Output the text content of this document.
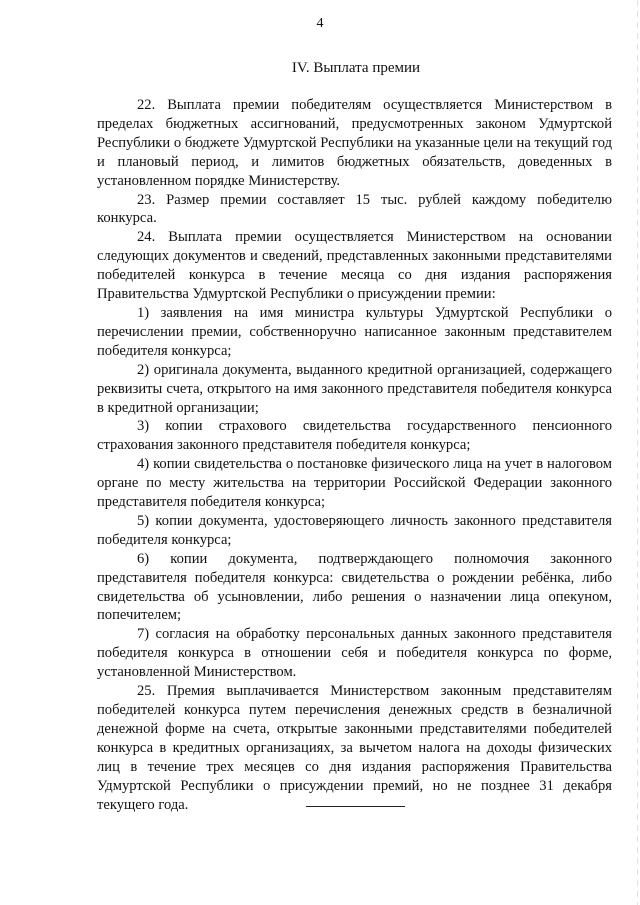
4
IV. Выплата премии

22. Выплата премии победителям осуществляется Министерством в пределах бюджетных ассигнований, предусмотренных законом Удмуртской Республики о бюджете Удмуртской Республики на указанные цели на текущий год и плановый период, и лимитов бюджетных обязательств, доведенных в установленном порядке Министерству.

23. Размер премии составляет 15 тыс. рублей каждому победителю конкурса.

24. Выплата премии осуществляется Министерством на основании следующих документов и сведений, представленных законными представителями победителей конкурса в течение месяца со дня издания распоряжения Правительства Удмуртской Республики о присуждении премии:

1) заявления на имя министра культуры Удмуртской Республики о перечислении премии, собственноручно написанное законным представителем победителя конкурса;

2) оригинала документа, выданного кредитной организацией, содержащего реквизиты счета, открытого на имя законного представителя победителя конкурса в кредитной организации;

3) копии страхового свидетельства государственного пенсионного страхования законного представителя победителя конкурса;

4) копии свидетельства о постановке физического лица на учет в налоговом органе по месту жительства на территории Российской Федерации законного представителя победителя конкурса;

5) копии документа, удостоверяющего личность законного представителя победителя конкурса;

6) копии документа, подтверждающего полномочия законного представителя победителя конкурса: свидетельства о рождении ребёнка, либо свидетельства об усыновлении, либо решения о назначении лица опекуном, попечителем;

7) согласия на обработку персональных данных законного представителя победителя конкурса в отношении себя и победителя конкурса по форме, установленной Министерством.

25. Премия выплачивается Министерством законным представителям победителей конкурса путем перечисления денежных средств в безналичной денежной форме на счета, открытые законными представителями победителей конкурса в кредитных организациях, за вычетом налога на доходы физических лиц в течение трех месяцев со дня издания распоряжения Правительства Удмуртской Республики о присуждении премий, но не позднее 31 декабря текущего года.
